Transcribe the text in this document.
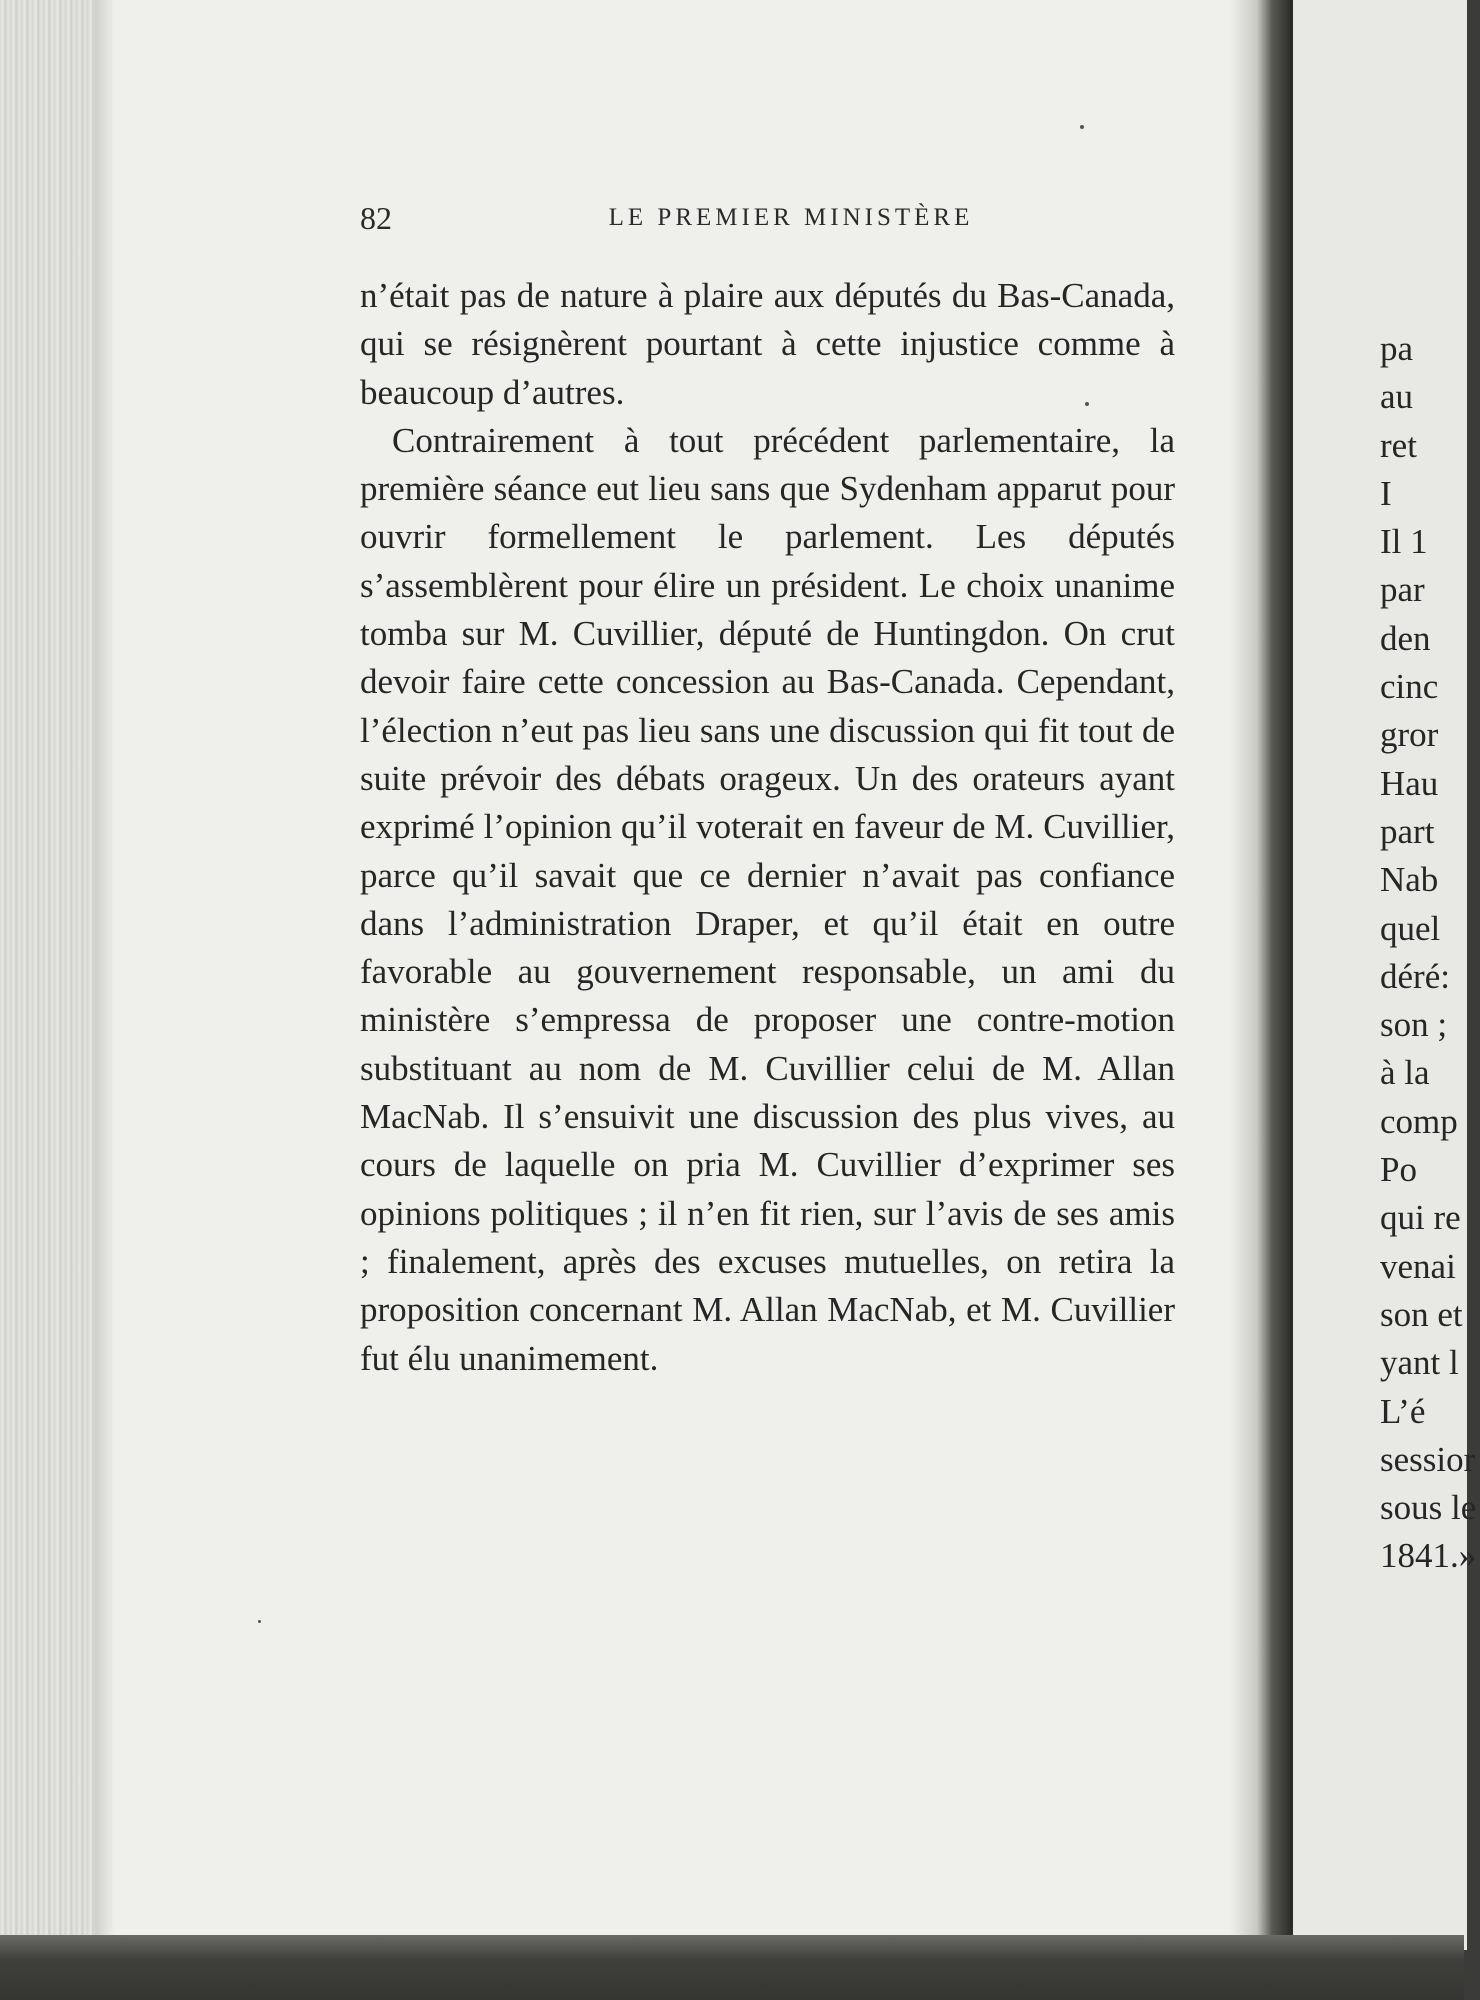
82	LE PREMIER MINISTÈRE

n’était pas de nature à plaire aux députés du Bas-Canada, qui se résignèrent pourtant à cette injustice comme à beaucoup d’autres.

Contrairement à tout précédent parlementaire, la première séance eut lieu sans que Sydenham apparut pour ouvrir formellement le parlement. Les députés s’assemblèrent pour élire un président. Le choix unanime tomba sur M. Cuvillier, député de Huntingdon. On crut devoir faire cette concession au Bas-Canada. Cependant, l’élection n’eut pas lieu sans une discussion qui fit tout de suite prévoir des débats orageux. Un des orateurs ayant exprimé l’opinion qu’il voterait en faveur de M. Cuvillier, parce qu’il savait que ce dernier n’avait pas confiance dans l’administration Draper, et qu’il était en outre favorable au gouvernement responsable, un ami du ministère s’empressa de proposer une contre-motion substituant au nom de M. Cuvillier celui de M. Allan MacNab. Il s’ensuivit une discussion des plus vives, au cours de laquelle on pria M. Cuvillier d’exprimer ses opinions politiques ; il n’en fit rien, sur l’avis de ses amis ; finalement, après des excuses mutuelles, on retira la proposition concernant M. Allan MacNab, et M. Cuvillier fut élu unanimement.

pa
au
ret
I
Il 1
par
den
cinc
gror
Hau
part
Nab
quel
déré:
son ;
à la
comp
Po
qui re
venai
son et
yant l
L’é
sessior
sous le
1841.»
